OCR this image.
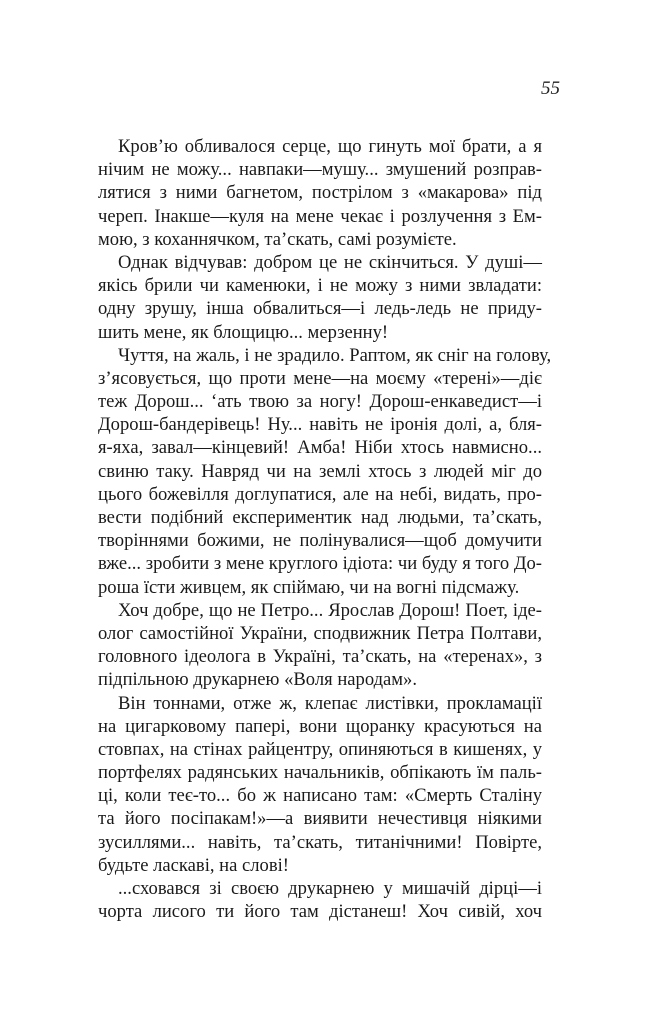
55
Кров’ю обливалося серце, що гинуть мої брати, а я
нічим не можу... навпаки—мушу... змушений розправ-
лятися з ними багнетом, пострілом з «макарова» під
череп. Інакше—куля на мене чекає і розлучення з Ем-
мою, з коханнячком, та’скать, самі розумієте.
Однак відчував: добром це не скінчиться. У душі—
якісь брили чи каменюки, і не можу з ними звладати:
одну зрушу, інша обвалиться—і ледь-ледь не приду-
шить мене, як блощицю... мерзенну!
Чуття, на жаль, і не зрадило. Раптом, як сніг на голову,
з’ясовується, що проти мене—на моєму «терені»—діє
теж Дорош... ‘ать твою за ногу! Дорош-енкаведист—і
Дорош-бандерівець! Ну... навіть не іронія долі, а, бля-
я-яха, завал—кінцевий! Амба! Ніби хтось навмисно...
свиню таку. Навряд чи на землі хтось з людей міг до
цього божевілля доглупатися, але на небі, видать, про-
вести подібний експериментик над людьми, та’скать,
творіннями божими, не полінувалися—щоб домучити
вже... зробити з мене круглого ідіота: чи буду я того До-
роша їсти живцем, як спіймаю, чи на вогні підсмажу.
Хоч добре, що не Петро... Ярослав Дорош! Поет, іде-
олог самостійної України, сподвижник Петра Полтави,
головного ідеолога в Україні, та’скать, на «теренах», з
підпільною друкарнею «Воля народам».
Він тоннами, отже ж, клепає листівки, прокламації
на цигарковому папері, вони щоранку красуються на
стовпах, на стінах райцентру, опиняються в кишенях, у
портфелях радянських начальників, обпікають їм паль-
ці, коли теє-то... бо ж написано там: «Смерть Сталіну
та його посіпакам!»—а виявити нечестивця ніякими
зусиллями... навіть, та’скать, титанічними! Повірте,
будьте ласкаві, на слові!
...сховався зі своєю друкарнею у мишачій дірці—і
чорта лисого ти його там дістанеш! Хоч сивій, хоч
